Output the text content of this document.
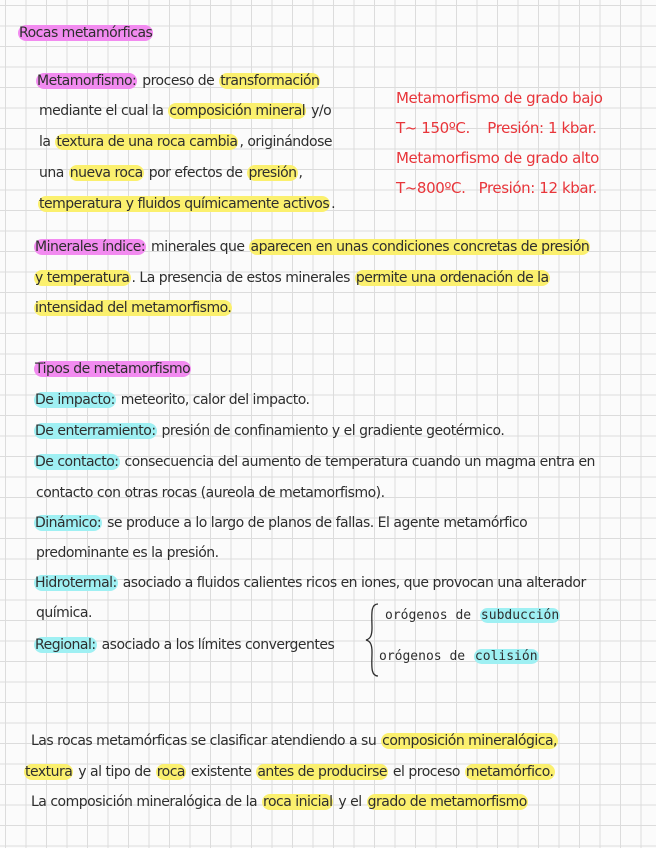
Rocas metamórficas
Metamorfismo: proceso de transformación
mediante el cual la composición mineral y/o
la textura de una roca cambia , originándose
una nueva roca por efectos de presión ,
temperatura y fluidos químicamente activos .
Metamorfismo de grado bajo
T~ 150ºC.    Presión: 1 kbar.
Metamorfismo de grado alto
T~800ºC.   Presión: 12 kbar.
Minerales índice: minerales que aparecen en unas condiciones concretas de presión
y temperatura . La presencia de estos minerales permite una ordenación de la
intensidad del metamorfismo.
Tipos de metamorfismo
De impacto: meteorito, calor del impacto.
De enterramiento: presión de confinamiento y el gradiente geotérmico.
De contacto: consecuencia del aumento de temperatura cuando un magma entra en
contacto con otras rocas (aureola de metamorfismo).
Dinámico: se produce a lo largo de planos de fallas. El agente metamórfico
predominante es la presión.
Hidrotermal: asociado a fluidos calientes ricos en iones, que provocan una alterador
química.
Regional: asociado a los límites convergentes
orógenos de subducción
orógenos de colisión
Las rocas metamórficas se clasificar atendiendo a su composición mineralógica,
textura y al tipo de roca existente antes de producirse el proceso metamórfico.
La composición mineralógica de la roca inicial y el grado de metamorfismo
